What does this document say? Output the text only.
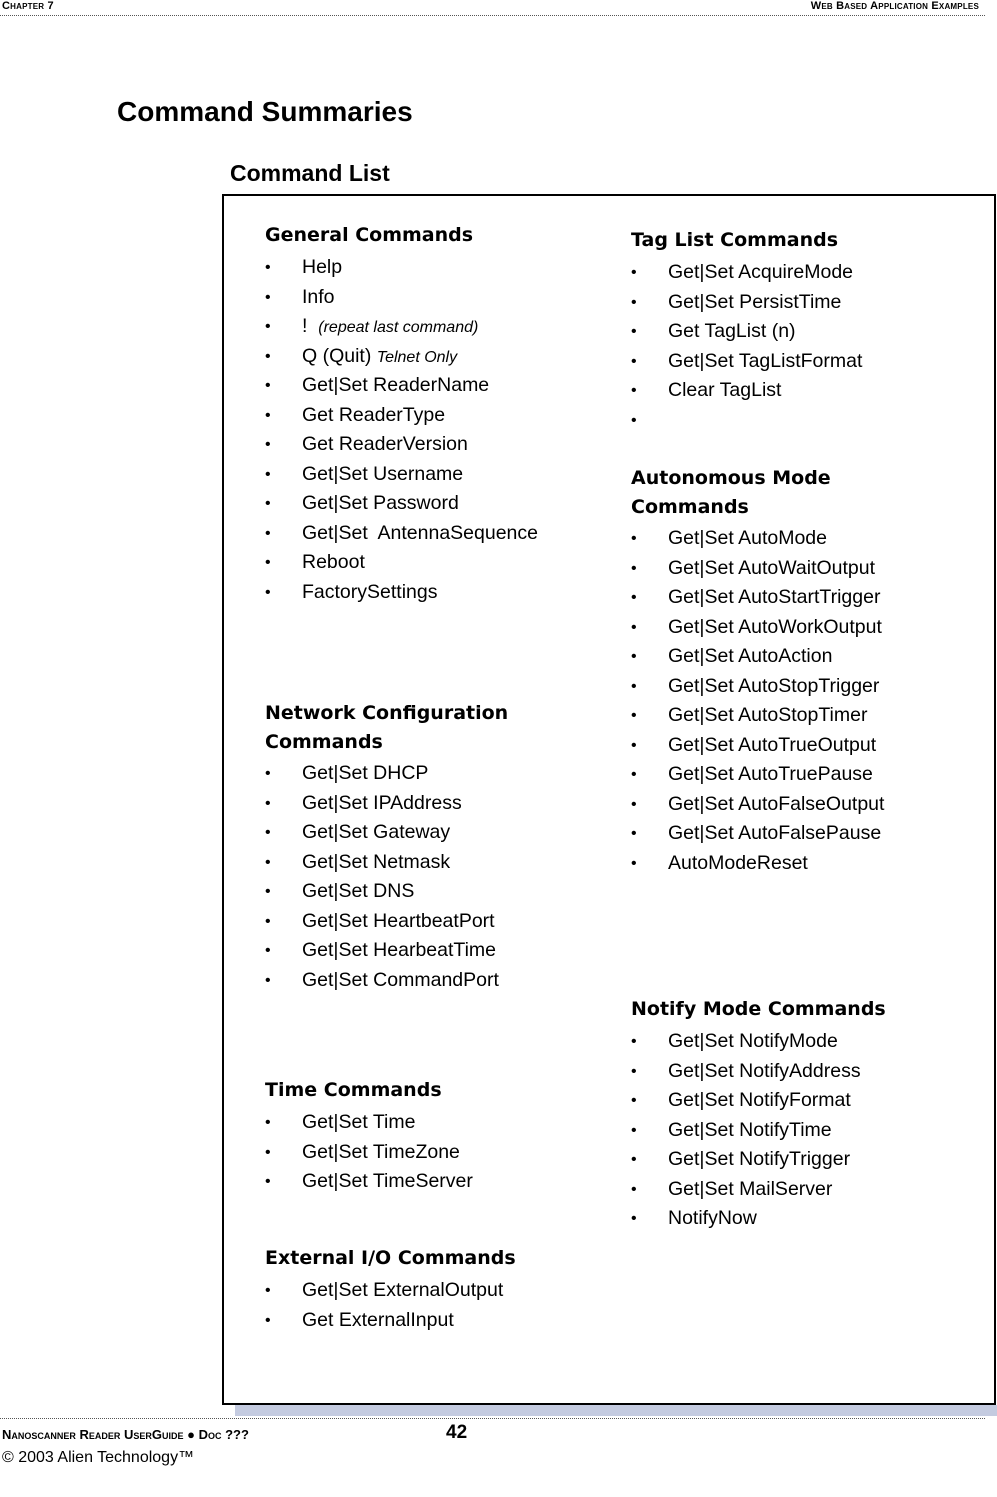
Chapter 7	Web Based Application Examples
Command Summaries
Command List
General Commands
• Help
• Info
• ! (repeat last command)
• Q (Quit) Telnet Only
• Get|Set ReaderName
• Get ReaderType
• Get ReaderVersion
• Get|Set Username
• Get|Set Password
• Get|Set  AntennaSequence
• Reboot
• FactorySettings
Network Configuration
Commands
• Get|Set DHCP
• Get|Set IPAddress
• Get|Set Gateway
• Get|Set Netmask
• Get|Set DNS
• Get|Set HeartbeatPort
• Get|Set HearbeatTime
• Get|Set CommandPort
Time Commands
• Get|Set Time
• Get|Set TimeZone
• Get|Set TimeServer
External I/O Commands
• Get|Set ExternalOutput
• Get ExternalInput
Tag List Commands
• Get|Set AcquireMode
• Get|Set PersistTime
• Get TagList (n)
• Get|Set TagListFormat
• Clear TagList
•
Autonomous Mode
Commands
• Get|Set AutoMode
• Get|Set AutoWaitOutput
• Get|Set AutoStartTrigger
• Get|Set AutoWorkOutput
• Get|Set AutoAction
• Get|Set AutoStopTrigger
• Get|Set AutoStopTimer
• Get|Set AutoTrueOutput
• Get|Set AutoTruePause
• Get|Set AutoFalseOutput
• Get|Set AutoFalsePause
• AutoModeReset
Notify Mode Commands
• Get|Set NotifyMode
• Get|Set NotifyAddress
• Get|Set NotifyFormat
• Get|Set NotifyTime
• Get|Set NotifyTrigger
• Get|Set MailServer
• NotifyNow
Nanoscanner Reader UserGuide ● Doc ???	42
© 2003 Alien Technology™
